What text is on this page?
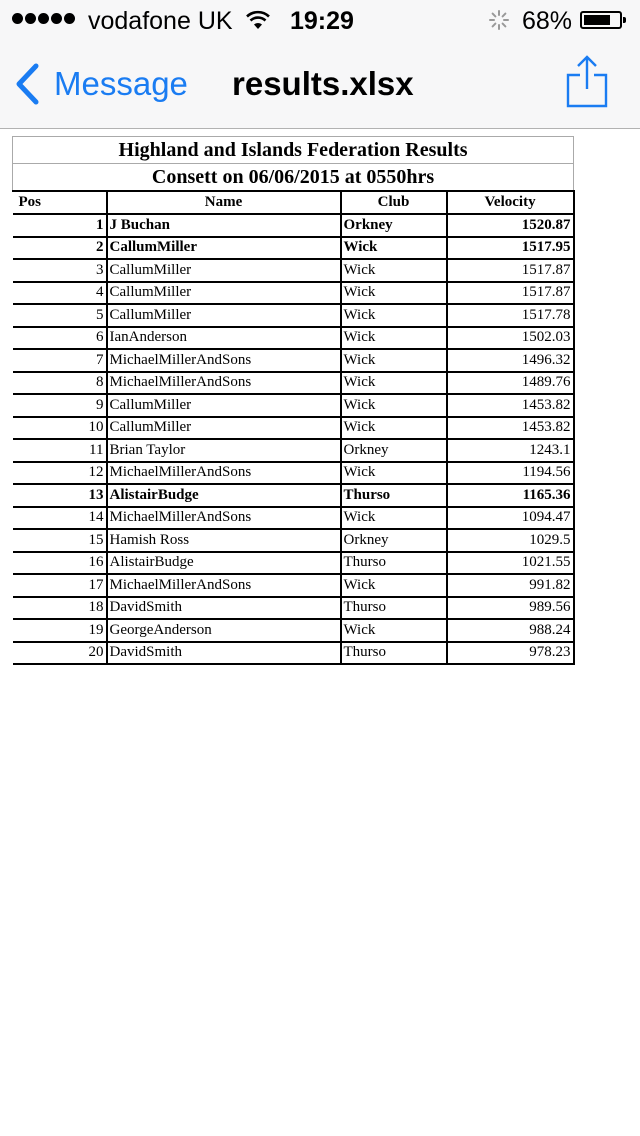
vodafone UK 19:29	68%
Message results.xlsx
Highland and Islands Federation Results			
Consett on 06/06/2015 at 0550hrs			
Pos	Name	Club	Velocity
1	J Buchan	Orkney	1520.87
2	CallumMiller	Wick	1517.95
3	CallumMiller	Wick	1517.87
4	CallumMiller	Wick	1517.87
5	CallumMiller	Wick	1517.78
6	IanAnderson	Wick	1502.03
7	MichaelMillerAndSons	Wick	1496.32
8	MichaelMillerAndSons	Wick	1489.76
9	CallumMiller	Wick	1453.82
10	CallumMiller	Wick	1453.82
11	Brian Taylor	Orkney	1243.1
12	MichaelMillerAndSons	Wick	1194.56
13	AlistairBudge	Thurso	1165.36
14	MichaelMillerAndSons	Wick	1094.47
15	Hamish Ross	Orkney	1029.5
16	AlistairBudge	Thurso	1021.55
17	MichaelMillerAndSons	Wick	991.82
18	DavidSmith	Thurso	989.56
19	GeorgeAnderson	Wick	988.24
20	DavidSmith	Thurso	978.23
